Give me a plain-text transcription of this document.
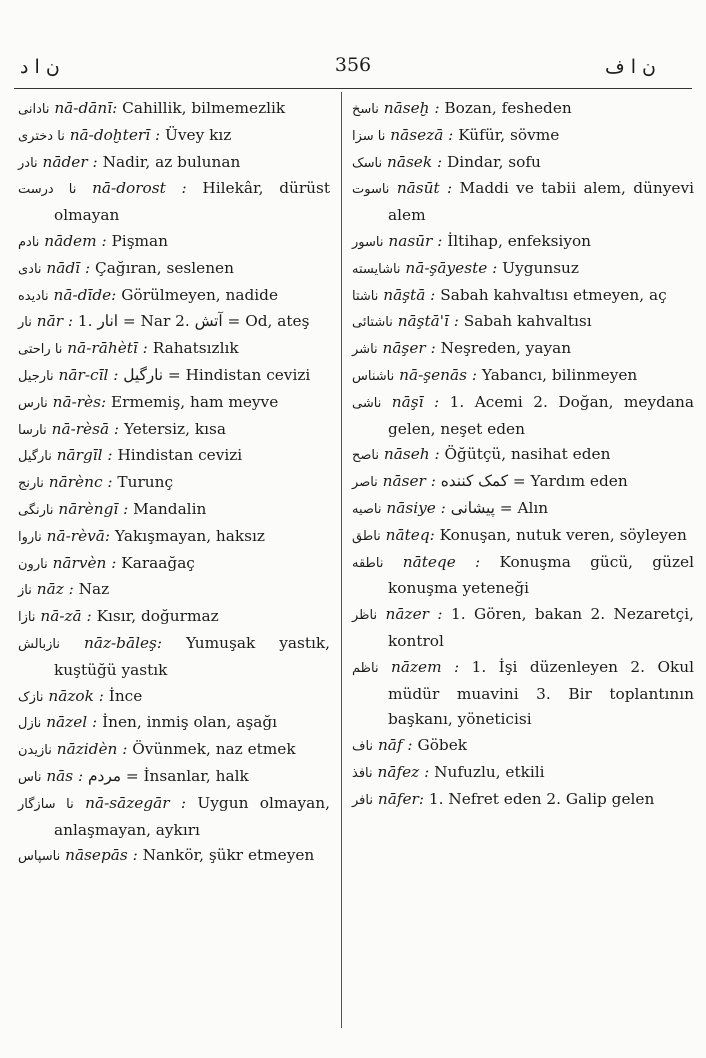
ن ا د	356	ن ا ف

نادانى nā-dānī: Cahillik, bilmemezlik

نا دختری nā-doḫterī : Üvey kız

نادر nāder : Nadir, az bulunan

نا درست nā-dorost : Hilekâr, dürüst olmayan

نادم nādem : Pişman

نادى nādī : Çağıran, seslenen

نادیده nā-dīde: Görülmeyen, nadide

نار nār : 1. انار = Nar 2. آتش = Od, ateş

نا راحتى nā-rāhètī : Rahatsızlık

نارجیل nār-cīl : نارگیل = Hindistan cevizi

نارس nā-rès: Ermemiş, ham meyve

نارسا nā-rèsā : Yetersiz, kısa

نارگیل nārgīl : Hindistan cevizi

نارنج nārènc : Turunç

نارنگى nārèngī : Mandalin

ناروا nā-rèvā: Yakışmayan, haksız

نارون nārvèn : Karaağaç

ناز nāz : Naz

نازا nā-zā : Kısır, doğurmaz

نازبالش nāz-bāleş: Yumuşak yastık, kuştüğü yastık

نازک nāzok : İnce

نازل nāzel : İnen, inmiş olan, aşağı

نازیدن nāzidèn : Övünmek, naz etmek

ناس nās : مردم = İnsanlar, halk

نا سازگار nā-sāzegār : Uygun olmayan, anlaşmayan, aykırı

ناسپاس nāsepās : Nankör, şükr etmeyen

ناسخ nāseḫ : Bozan, fesheden

نا سزا nāsezā : Küfür, sövme

ناسک nāsek : Dindar, sofu

ناسوت nāsūt : Maddi ve tabii alem, dünyevi alem

ناسور nasūr : İltihap, enfeksiyon

ناشایسته nā-şāyeste : Uygunsuz

ناشتا nāştā : Sabah kahvaltısı etmeyen, aç

ناشتائى nāştā'ī : Sabah kahvaltısı

ناشر nāşer : Neşreden, yayan

ناشناس nā-şenās : Yabancı, bilinmeyen

ناشى nāşī : 1. Acemi 2. Doğan, meydana gelen, neşet eden

ناصح nāseh : Öğütçü, nasihat eden

ناصر nāser : کمک کننده = Yardım eden

ناصیه nāsiye : پیشانى = Alın

ناطق nāteq: Konuşan, nutuk veren, söyleyen

ناطقه nāteqe : Konuşma gücü, güzel konuşma yeteneği

ناظر nāzer : 1. Gören, bakan 2. Nezaretçi, kontrol

ناظم nāzem : 1. İşi düzenleyen 2. Okul müdür muavini 3. Bir toplantının başkanı, yöneticisi

ناف nāf : Göbek

نافذ nāfez : Nufuzlu, etkili

نافر nāfer: 1. Nefret eden 2. Galip gelen
